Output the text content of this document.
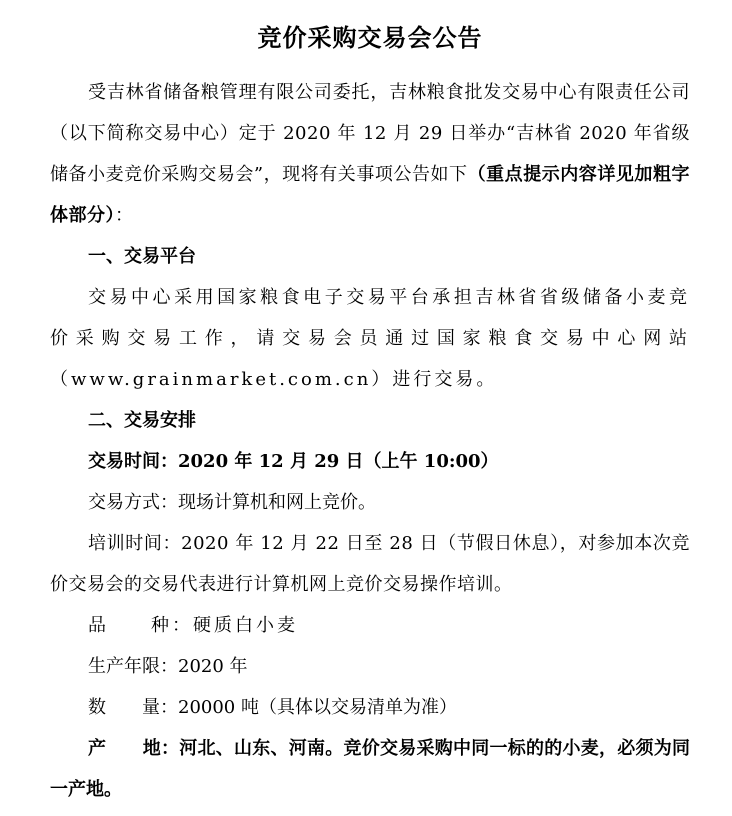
竞价采购交易会公告

受吉林省储备粮管理有限公司委托，吉林粮食批发交易中心有限责任公司（以下简称交易中心）定于 2020 年 12 月 29 日举办“吉林省 2020 年省级储备小麦竞价采购交易会”，现将有关事项公告如下（重点提示内容详见加粗字体部分）：

一、交易平台

交易中心采用国家粮食电子交易平台承担吉林省省级储备小麦竞价采购交易工作，请交易会员通过国家粮食交易中心网站（www.grainmarket.com.cn）进行交易。

二、交易安排

交易时间：2020 年 12 月 29 日（上午 10:00）

交易方式：现场计算机和网上竞价。

培训时间：2020 年 12 月 22 日至 28 日（节假日休息），对参加本次竞价交易会的交易代表进行计算机网上竞价交易操作培训。

品　　种：硬质白小麦

生产年限：2020 年

数　　量：20000 吨（具体以交易清单为准）

产　　地：河北、山东、河南。竞价交易采购中同一标的的小麦，必须为同一产地。
